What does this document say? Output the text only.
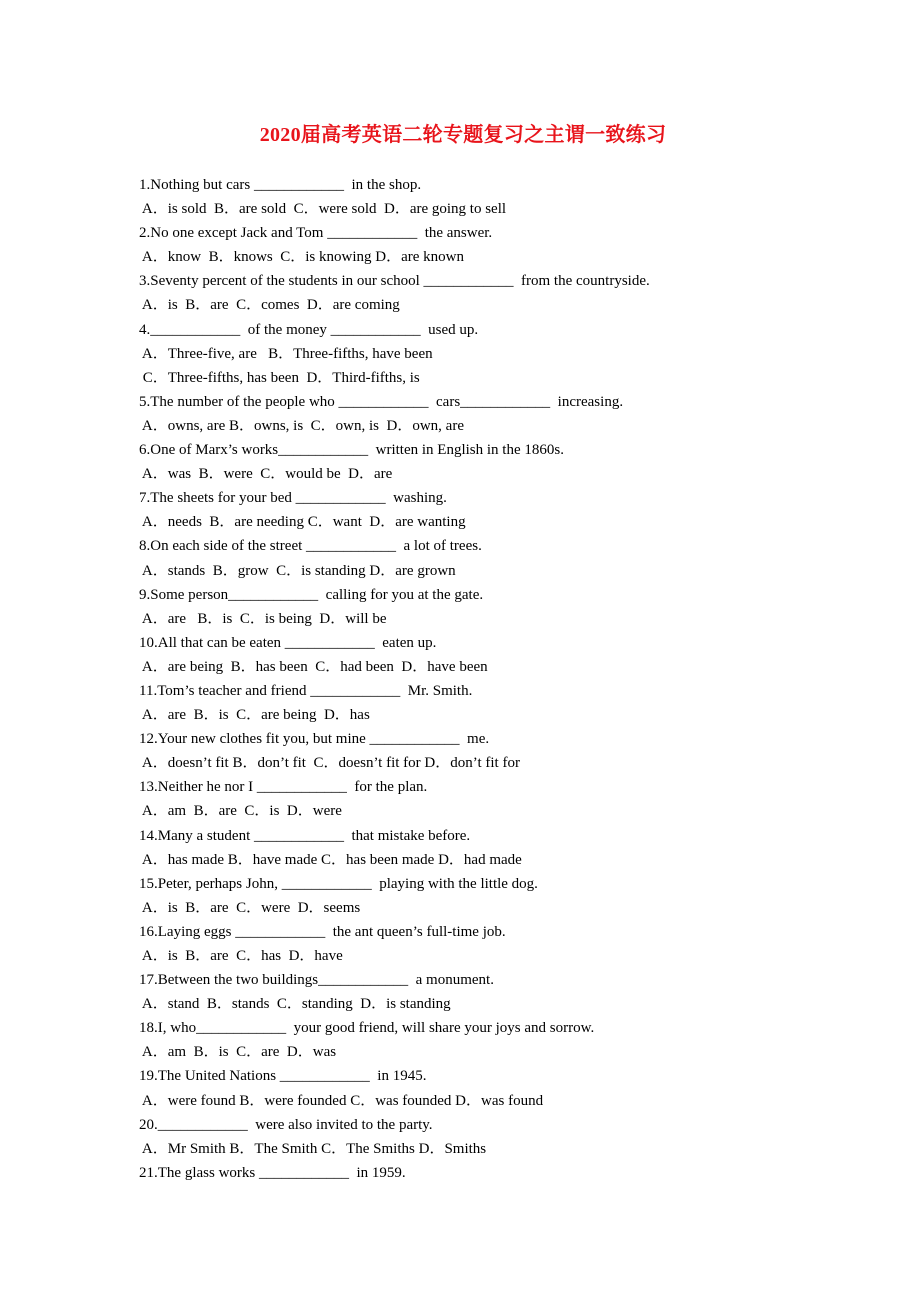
2020届高考英语二轮专题复习之主谓一致练习
1.Nothing but cars ____________  in the shop.
A．is sold  B．are sold  C．were sold  D．are going to sell
2.No one except Jack and Tom ____________  the answer.
A．know  B．knows  C．is knowing D．are known
3.Seventy percent of the students in our school ____________  from the countryside.
A．is  B．are  C．comes  D．are coming
4.____________  of the money ____________  used up.
A．Three-five, are   B．Three-fifths, have been
C．Three-fifths, has been  D．Third-fifths, is
5.The number of the people who ____________  cars____________  increasing.
A．owns, are B．owns, is  C．own, is  D．own, are
6.One of Marx’s works____________  written in English in the 1860s.
A．was  B．were  C．would be  D．are
7.The sheets for your bed ____________  washing.
A．needs  B．are needing C．want  D．are wanting
8.On each side of the street ____________  a lot of trees.
A．stands  B．grow  C．is standing D．are grown
9.Some person____________  calling for you at the gate.
A．are   B．is  C．is being  D．will be
10.All that can be eaten ____________  eaten up.
A．are being  B．has been  C．had been  D．have been
11.Tom’s teacher and friend ____________  Mr. Smith.
A．are  B．is  C．are being  D．has
12.Your new clothes fit you, but mine ____________  me.
A．doesn’t fit B．don’t fit  C．doesn’t fit for D．don’t fit for
13.Neither he nor I ____________  for the plan.
A．am  B．are  C．is  D．were
14.Many a student ____________  that mistake before.
A．has made B．have made C．has been made D．had made
15.Peter, perhaps John, ____________  playing with the little dog.
A．is  B．are  C．were  D．seems
16.Laying eggs ____________  the ant queen’s full-time job.
A．is  B．are  C．has  D．have
17.Between the two buildings____________  a monument.
A．stand  B．stands  C．standing  D．is standing
18.I, who____________  your good friend, will share your joys and sorrow.
A．am  B．is  C．are  D．was
19.The United Nations ____________  in 1945.
A．were found B．were founded C．was founded D．was found
20.____________  were also invited to the party.
A．Mr Smith B．The Smith C．The Smiths D．Smiths
21.The glass works ____________  in 1959.
